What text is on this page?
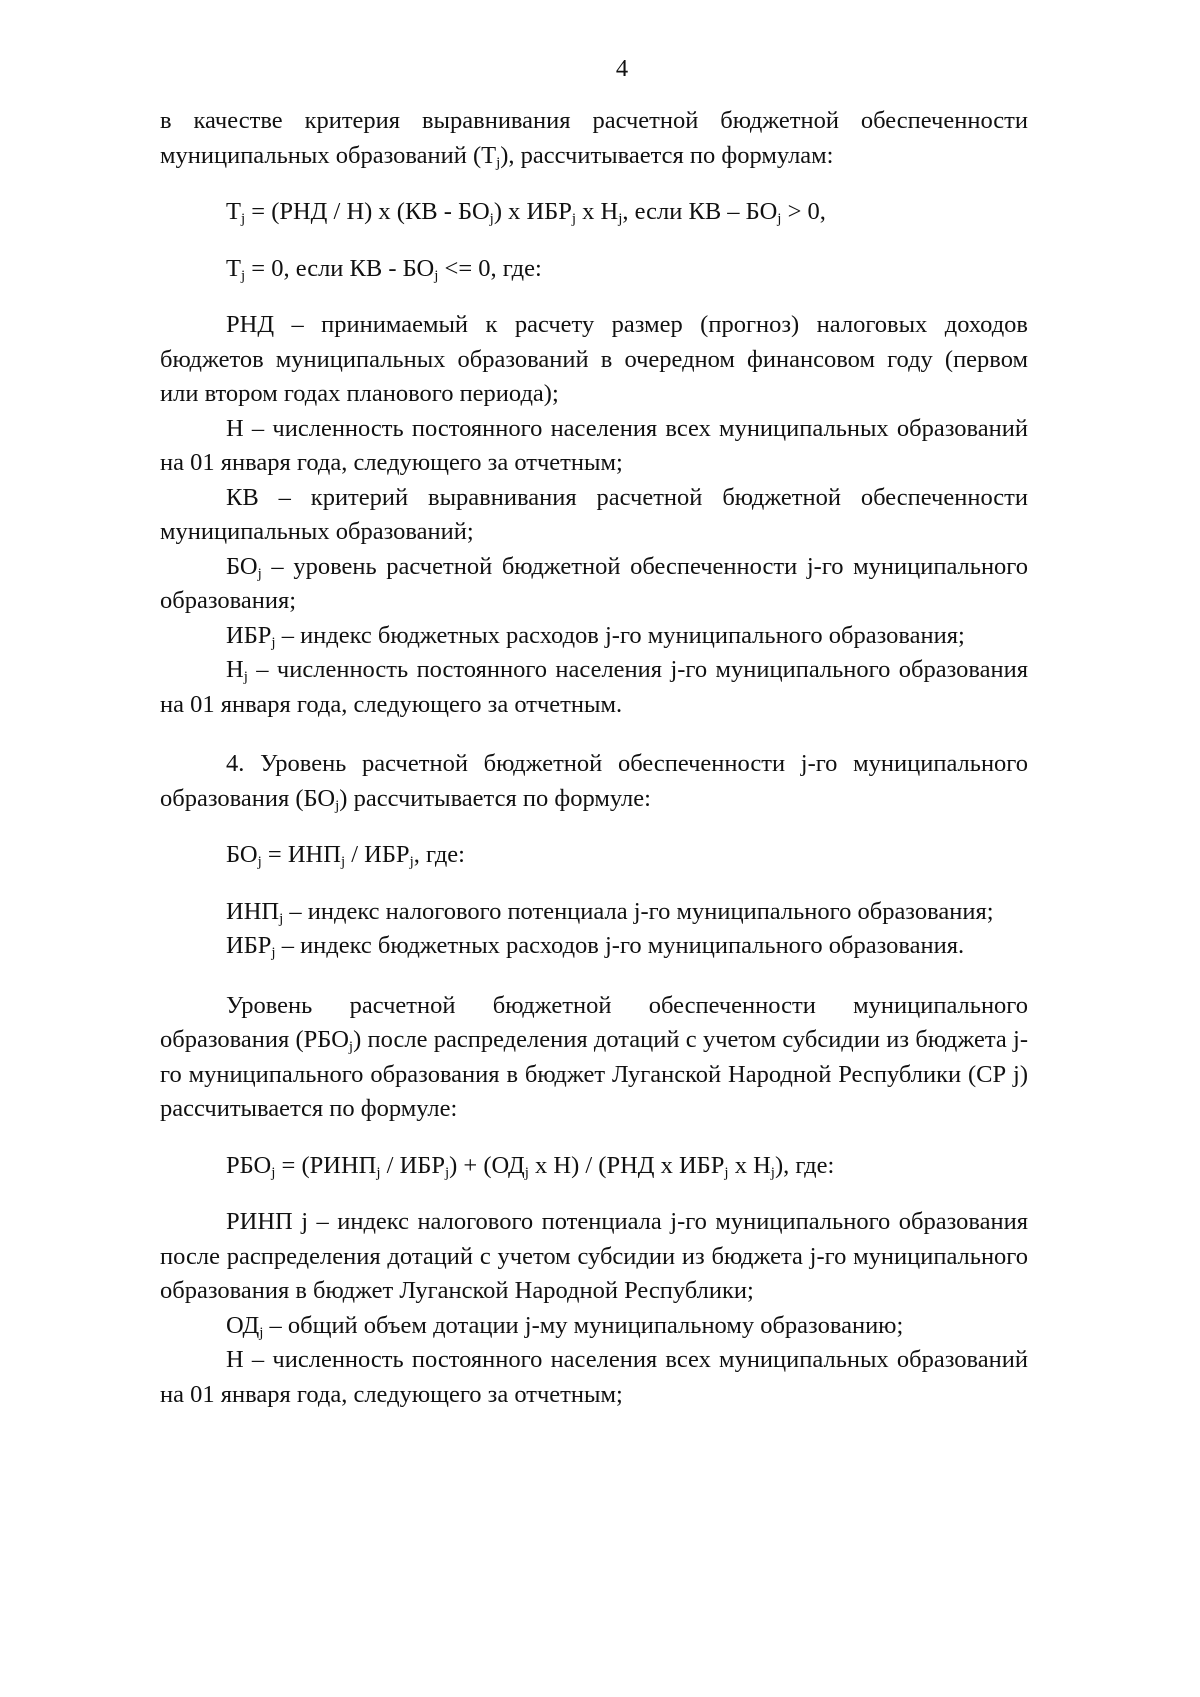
4

в качестве критерия выравнивания расчетной бюджетной обеспеченности муниципальных образований $(Т_j)$, рассчитывается по формулам:

$Т_j = (РНД / Н)$ х $(КВ - БО_j)$ х $ИБР_j$ х $Н_j$, если КВ – $БО_j > 0$,

$Т_j = 0$, если КВ - $БО_j <= 0$, где:

РНД – принимаемый к расчету размер (прогноз) налоговых доходов бюджетов муниципальных образований в очередном финансовом году (первом или втором годах планового периода);

Н – численность постоянного населения всех муниципальных образований на 01 января года, следующего за отчетным;

КВ – критерий выравнивания расчетной бюджетной обеспеченности муниципальных образований;

$БО_j$ – уровень расчетной бюджетной обеспеченности j-го муниципального образования;

$ИБР_j$ – индекс бюджетных расходов j-го муниципального образования;

$Н_j$ – численность постоянного населения j-го муниципального образования на 01 января года, следующего за отчетным.

4. Уровень расчетной бюджетной обеспеченности j-го муниципального образования $(БО_j)$ рассчитывается по формуле:

$БО_j = ИНП_j / ИБР_j$, где:

$ИНП_j$ – индекс налогового потенциала j-го муниципального образования;

$ИБР_j$ – индекс бюджетных расходов j-го муниципального образования.

Уровень расчетной бюджетной обеспеченности муниципального образования $(РБО_j)$ после распределения дотаций с учетом субсидии из бюджета j-го муниципального образования в бюджет Луганской Народной Республики (СР j) рассчитывается по формуле:

$РБО_j$ = $(РИНП_j / ИБР_j) + (ОД_j$ х Н) / (РНД х $ИБР_j$ х $Н_j$), где:

РИНП j – индекс налогового потенциала j-го муниципального образования после распределения дотаций с учетом субсидии из бюджета j-го муниципального образования в бюджет Луганской Народной Республики;

$ОД_j$ – общий объем дотации j-му муниципальному образованию;

Н – численность постоянного населения всех муниципальных образований на 01 января года, следующего за отчетным;
